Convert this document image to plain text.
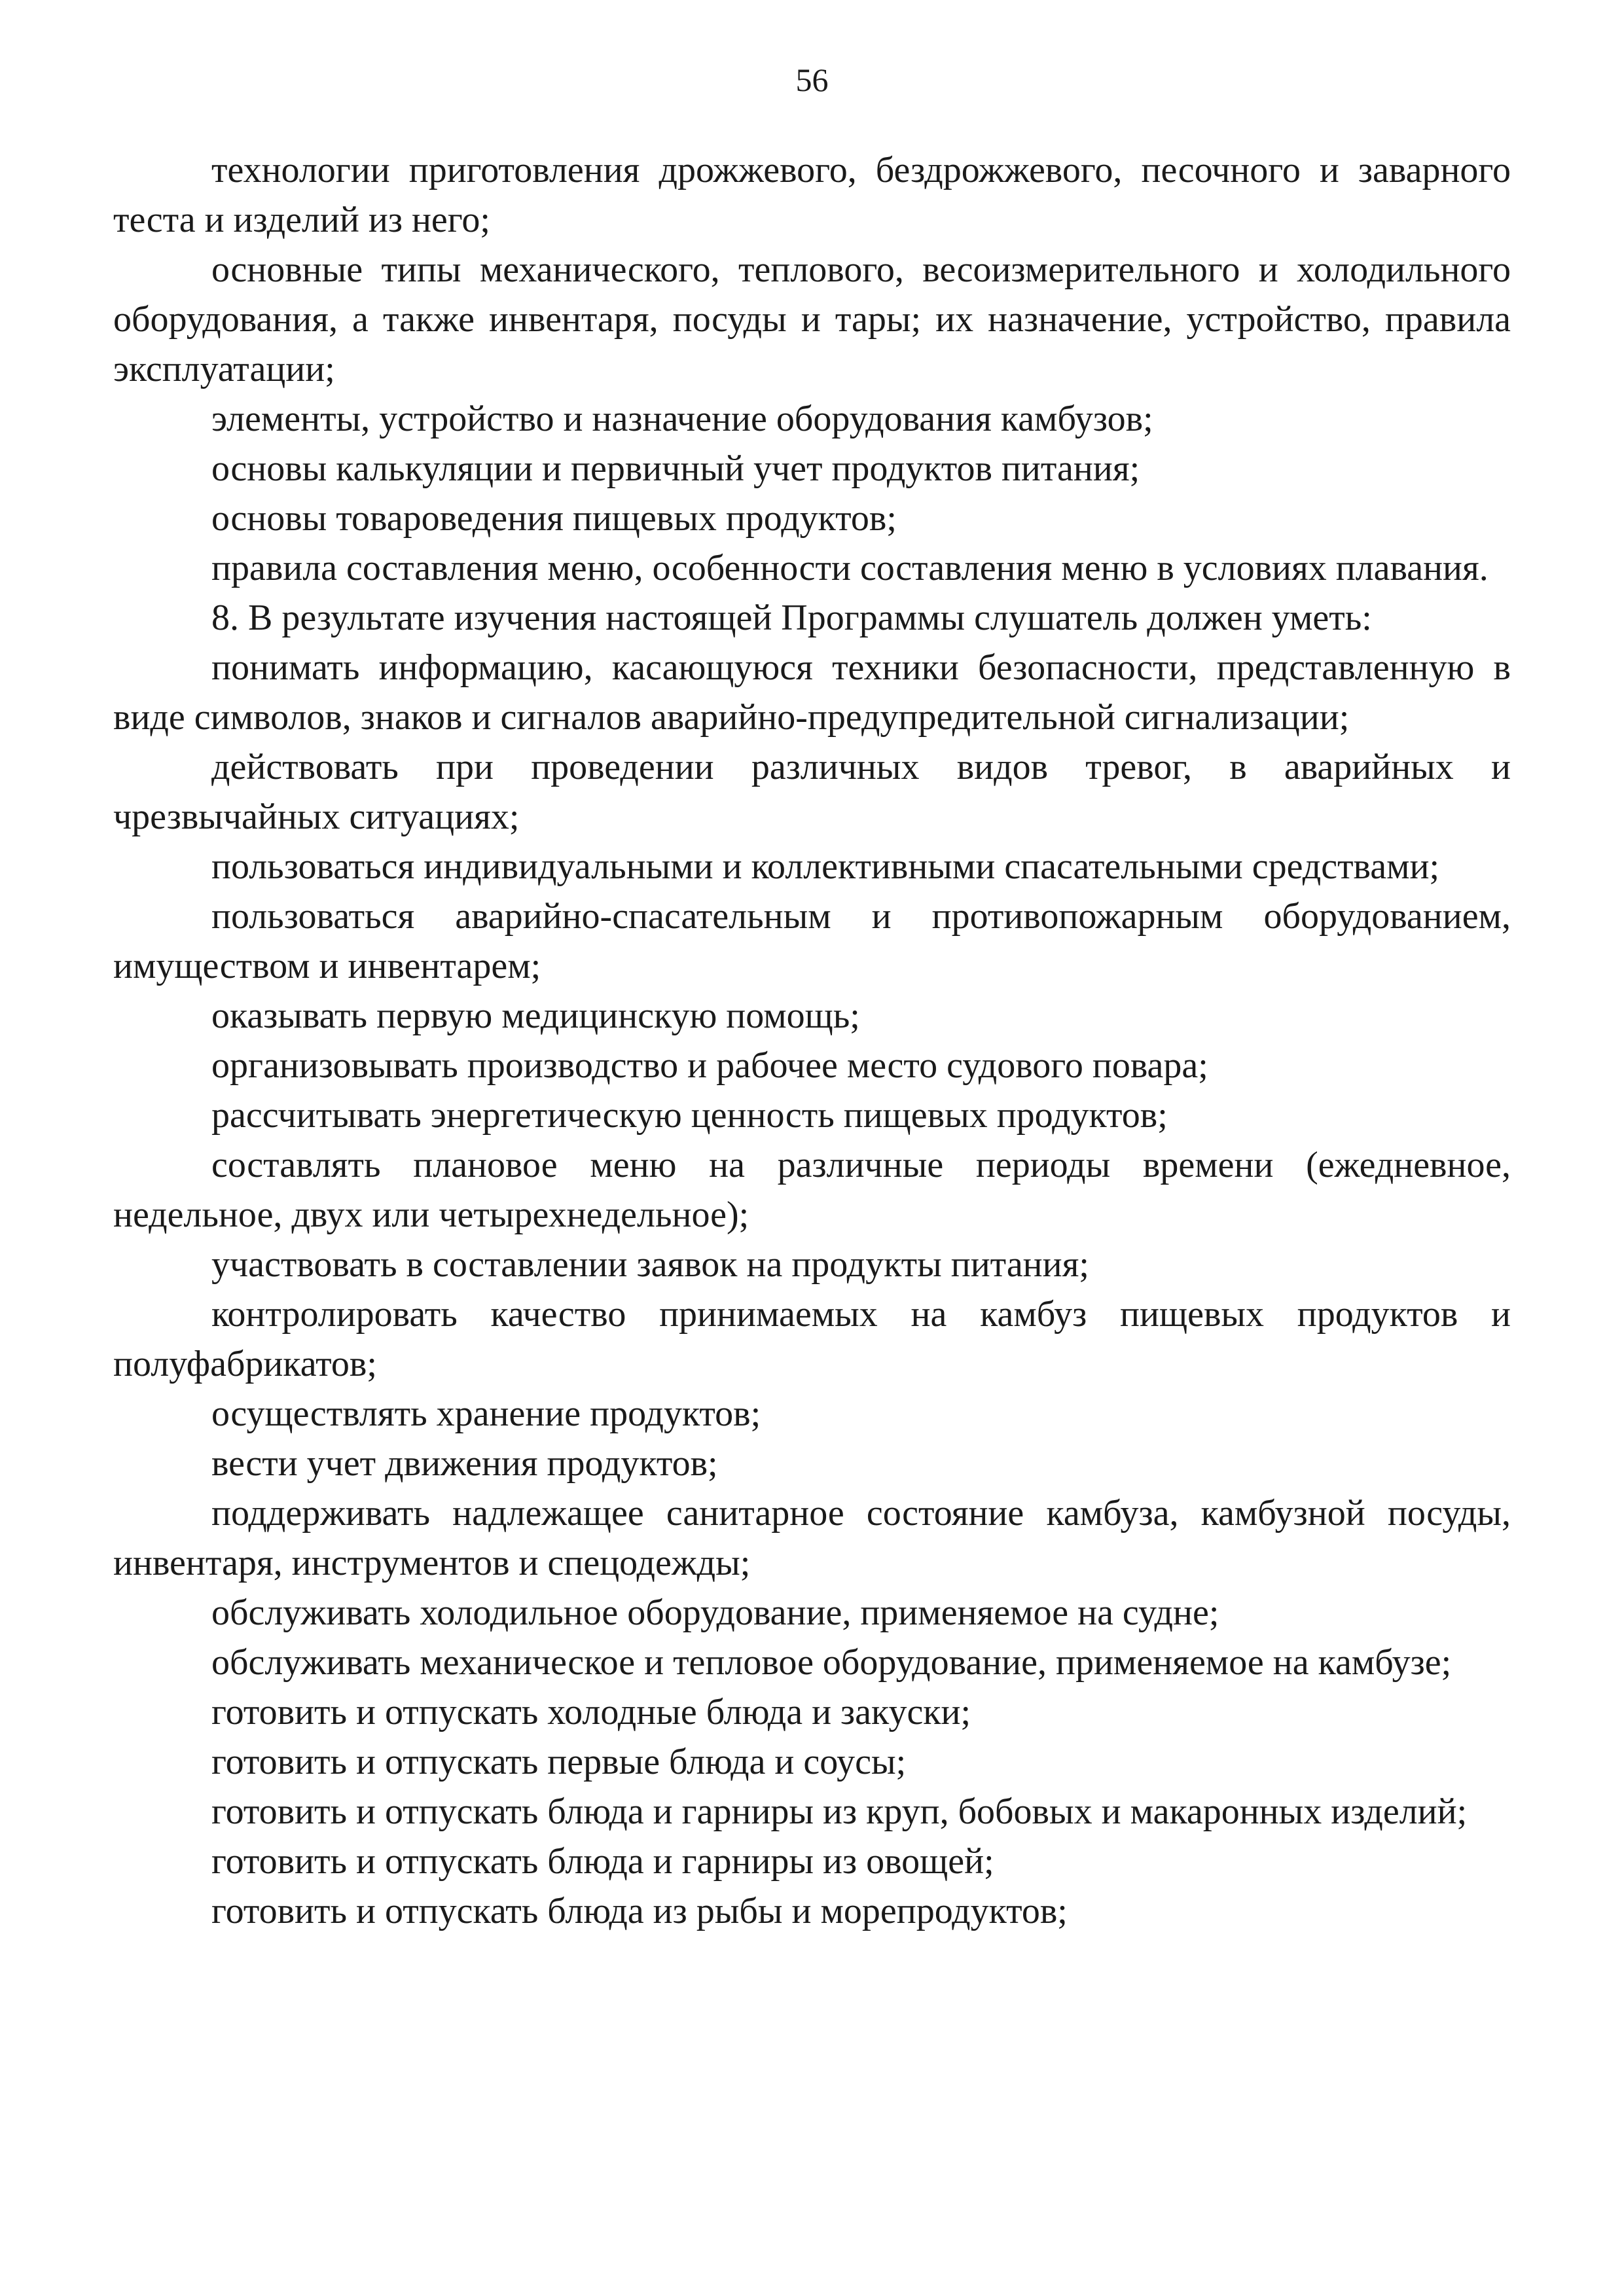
56

технологии приготовления дрожжевого, бездрожжевого, песочного и заварного теста и изделий из него;

основные типы механического, теплового, весоизмерительного и холодильного оборудования, а также инвентаря, посуды и тары; их назначение, устройство, правила эксплуатации;

элементы, устройство и назначение оборудования камбузов;

основы калькуляции и первичный учет продуктов питания;

основы товароведения пищевых продуктов;

правила составления меню, особенности составления меню в условиях плавания.

8. В результате изучения настоящей Программы слушатель должен уметь:

понимать информацию, касающуюся техники безопасности, представленную в виде символов, знаков и сигналов аварийно-предупредительной сигнализации;

действовать при проведении различных видов тревог, в аварийных и чрезвычайных ситуациях;

пользоваться индивидуальными и коллективными спасательными средствами;

пользоваться аварийно-спасательным и противопожарным оборудованием, имуществом и инвентарем;

оказывать первую медицинскую помощь;

организовывать производство и рабочее место судового повара;

рассчитывать энергетическую ценность пищевых продуктов;

составлять плановое меню на различные периоды времени (ежедневное, недельное, двух или четырехнедельное);

участвовать в составлении заявок на продукты питания;

контролировать качество принимаемых на камбуз пищевых продуктов и полуфабрикатов;

осуществлять хранение продуктов;

вести учет движения продуктов;

поддерживать надлежащее санитарное состояние камбуза, камбузной посуды, инвентаря, инструментов и спецодежды;

обслуживать холодильное оборудование, применяемое на судне;

обслуживать механическое и тепловое оборудование, применяемое на камбузе;

готовить и отпускать холодные блюда и закуски;

готовить и отпускать первые блюда и соусы;

готовить и отпускать блюда и гарниры из круп, бобовых и макаронных изделий;

готовить и отпускать блюда и гарниры из овощей;

готовить и отпускать блюда из рыбы и морепродуктов;
